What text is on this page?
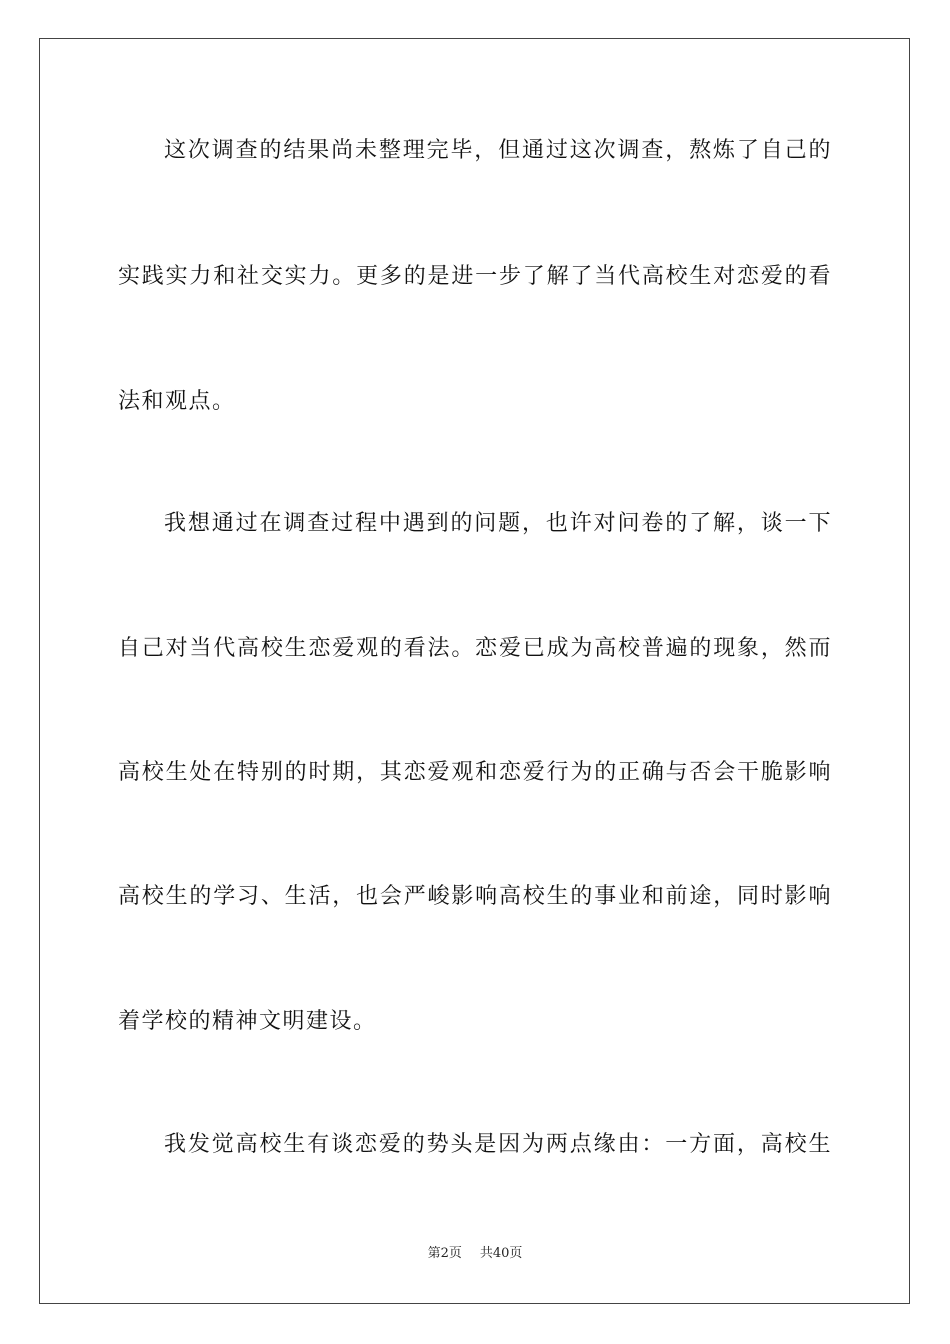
这次调查的结果尚未整理完毕，但通过这次调查，熬炼了自己的
实践实力和社交实力。更多的是进一步了解了当代高校生对恋爱的看
法和观点。
我想通过在调查过程中遇到的问题，也许对问卷的了解，谈一下
自己对当代高校生恋爱观的看法。恋爱已成为高校普遍的现象，然而
高校生处在特别的时期，其恋爱观和恋爱行为的正确与否会干脆影响
高校生的学习、生活，也会严峻影响高校生的事业和前途，同时影响
着学校的精神文明建设。
我发觉高校生有谈恋爱的势头是因为两点缘由：一方面，高校生
第2页 共40页
